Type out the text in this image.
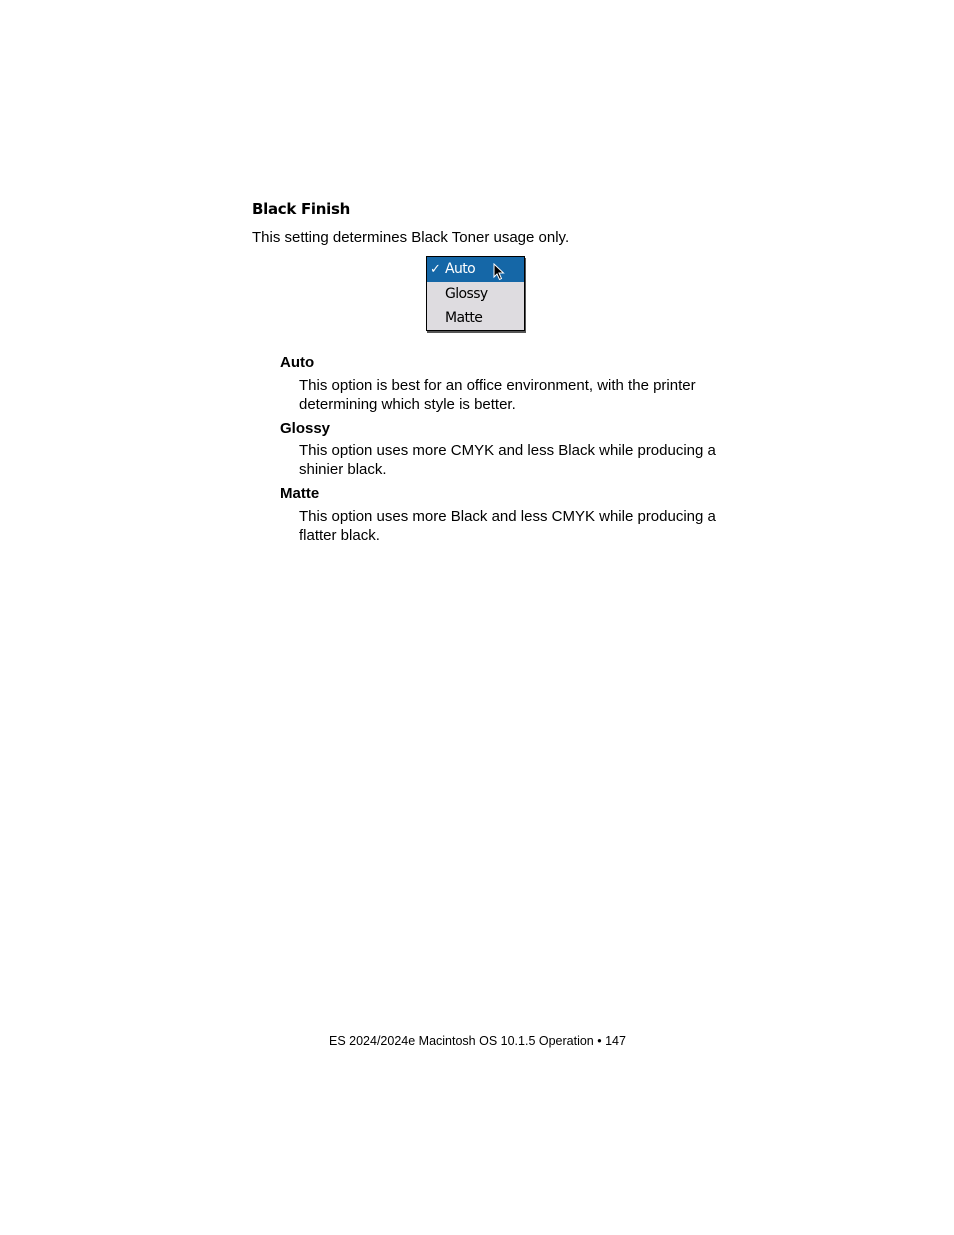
Black Finish

This setting determines Black Toner usage only.

✓ Auto
Glossy
Matte

Auto

This option is best for an office environment, with the printer determining which style is better.

Glossy

This option uses more CMYK and less Black while producing a shinier black.

Matte

This option uses more Black and less CMYK while producing a flatter black.

ES 2024/2024e Macintosh OS 10.1.5 Operation • 147
